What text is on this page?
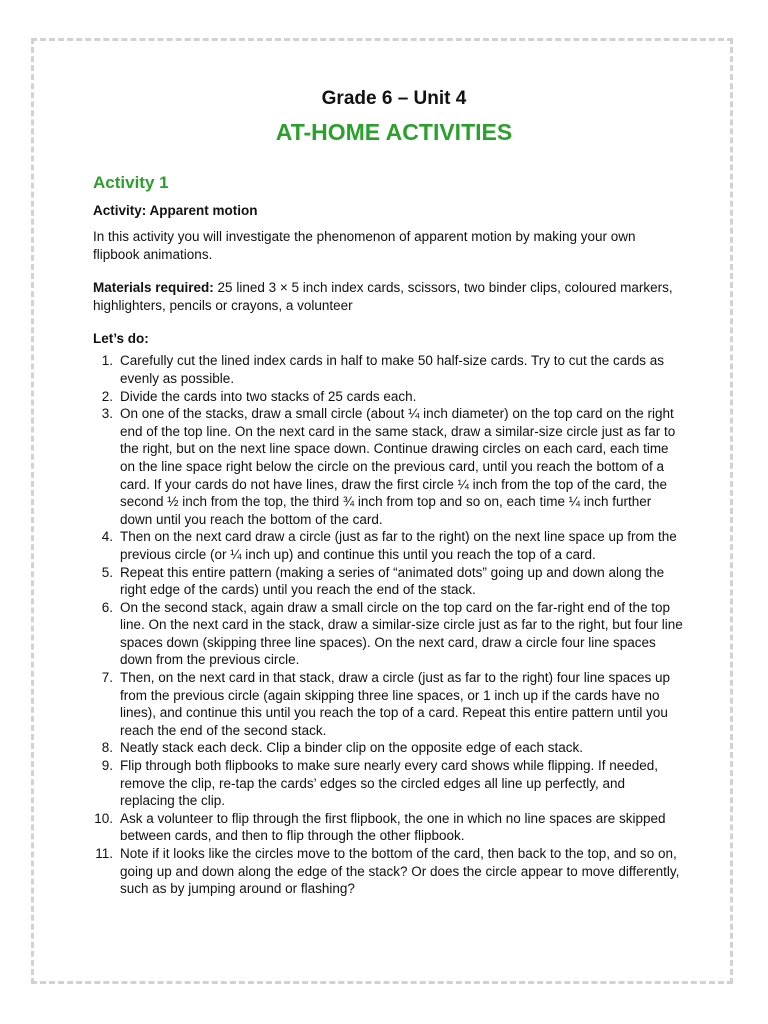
Grade 6 – Unit 4
AT-HOME ACTIVITIES
Activity 1
Activity: Apparent motion

In this activity you will investigate the phenomenon of apparent motion by making your own flipbook animations.

Materials required: 25 lined 3 × 5 inch index cards, scissors, two binder clips, coloured markers, highlighters, pencils or crayons, a volunteer

Let’s do:
1. Carefully cut the lined index cards in half to make 50 half-size cards. Try to cut the cards as evenly as possible.
2. Divide the cards into two stacks of 25 cards each.
3. On one of the stacks, draw a small circle (about ¼ inch diameter) on the top card on the right end of the top line. On the next card in the same stack, draw a similar-size circle just as far to the right, but on the next line space down. Continue drawing circles on each card, each time on the line space right below the circle on the previous card, until you reach the bottom of a card. If your cards do not have lines, draw the first circle ¼ inch from the top of the card, the second ½ inch from the top, the third ¾ inch from top and so on, each time ¼ inch further down until you reach the bottom of the card.
4. Then on the next card draw a circle (just as far to the right) on the next line space up from the previous circle (or ¼ inch up) and continue this until you reach the top of a card.
5. Repeat this entire pattern (making a series of “animated dots” going up and down along the right edge of the cards) until you reach the end of the stack.
6. On the second stack, again draw a small circle on the top card on the far-right end of the top line. On the next card in the stack, draw a similar-size circle just as far to the right, but four line spaces down (skipping three line spaces). On the next card, draw a circle four line spaces down from the previous circle.
7. Then, on the next card in that stack, draw a circle (just as far to the right) four line spaces up from the previous circle (again skipping three line spaces, or 1 inch up if the cards have no lines), and continue this until you reach the top of a card. Repeat this entire pattern until you reach the end of the second stack.
8. Neatly stack each deck. Clip a binder clip on the opposite edge of each stack.
9. Flip through both flipbooks to make sure nearly every card shows while flipping. If needed, remove the clip, re-tap the cards’ edges so the circled edges all line up perfectly, and replacing the clip.
10. Ask a volunteer to flip through the first flipbook, the one in which no line spaces are skipped between cards, and then to flip through the other flipbook.
11. Note if it looks like the circles move to the bottom of the card, then back to the top, and so on, going up and down along the edge of the stack? Or does the circle appear to move differently, such as by jumping around or flashing?
